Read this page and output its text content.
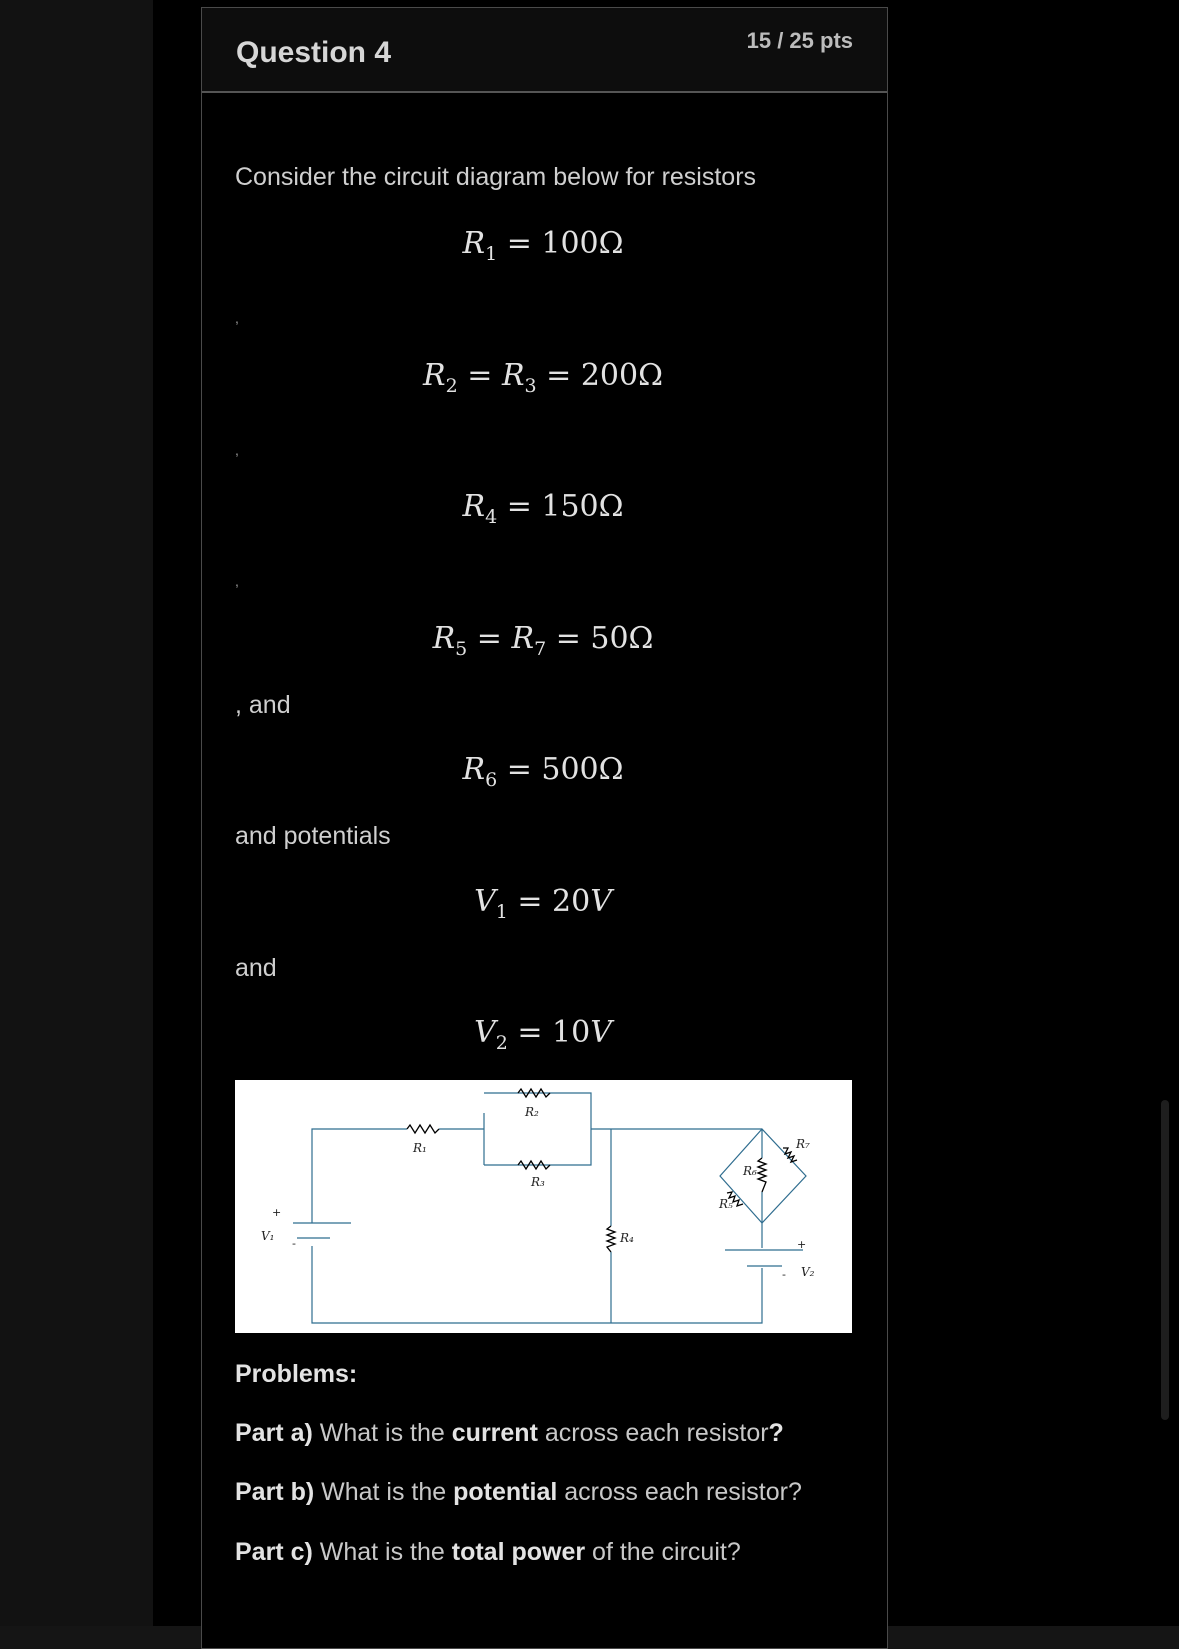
Question 4	15 / 25 pts
Consider the circuit diagram below for resistors
$R_1 = 100\Omega$
,
$R_2 = R_3 = 200\Omega$
,
$R_4 = 150\Omega$
,
$R_5 = R_7 = 50\Omega$
, and
$R_6 = 500\Omega$
and potentials
$V_1 = 20V$
and
$V_2 = 10V$
R₁
R₂
R₃
R₄
R₅
R₆
R₇
V₁
V₂
+
-	+
-
Problems:
Part a) What is the current across each resistor?
Part b) What is the potential across each resistor?
Part c) What is the total power of the circuit?
